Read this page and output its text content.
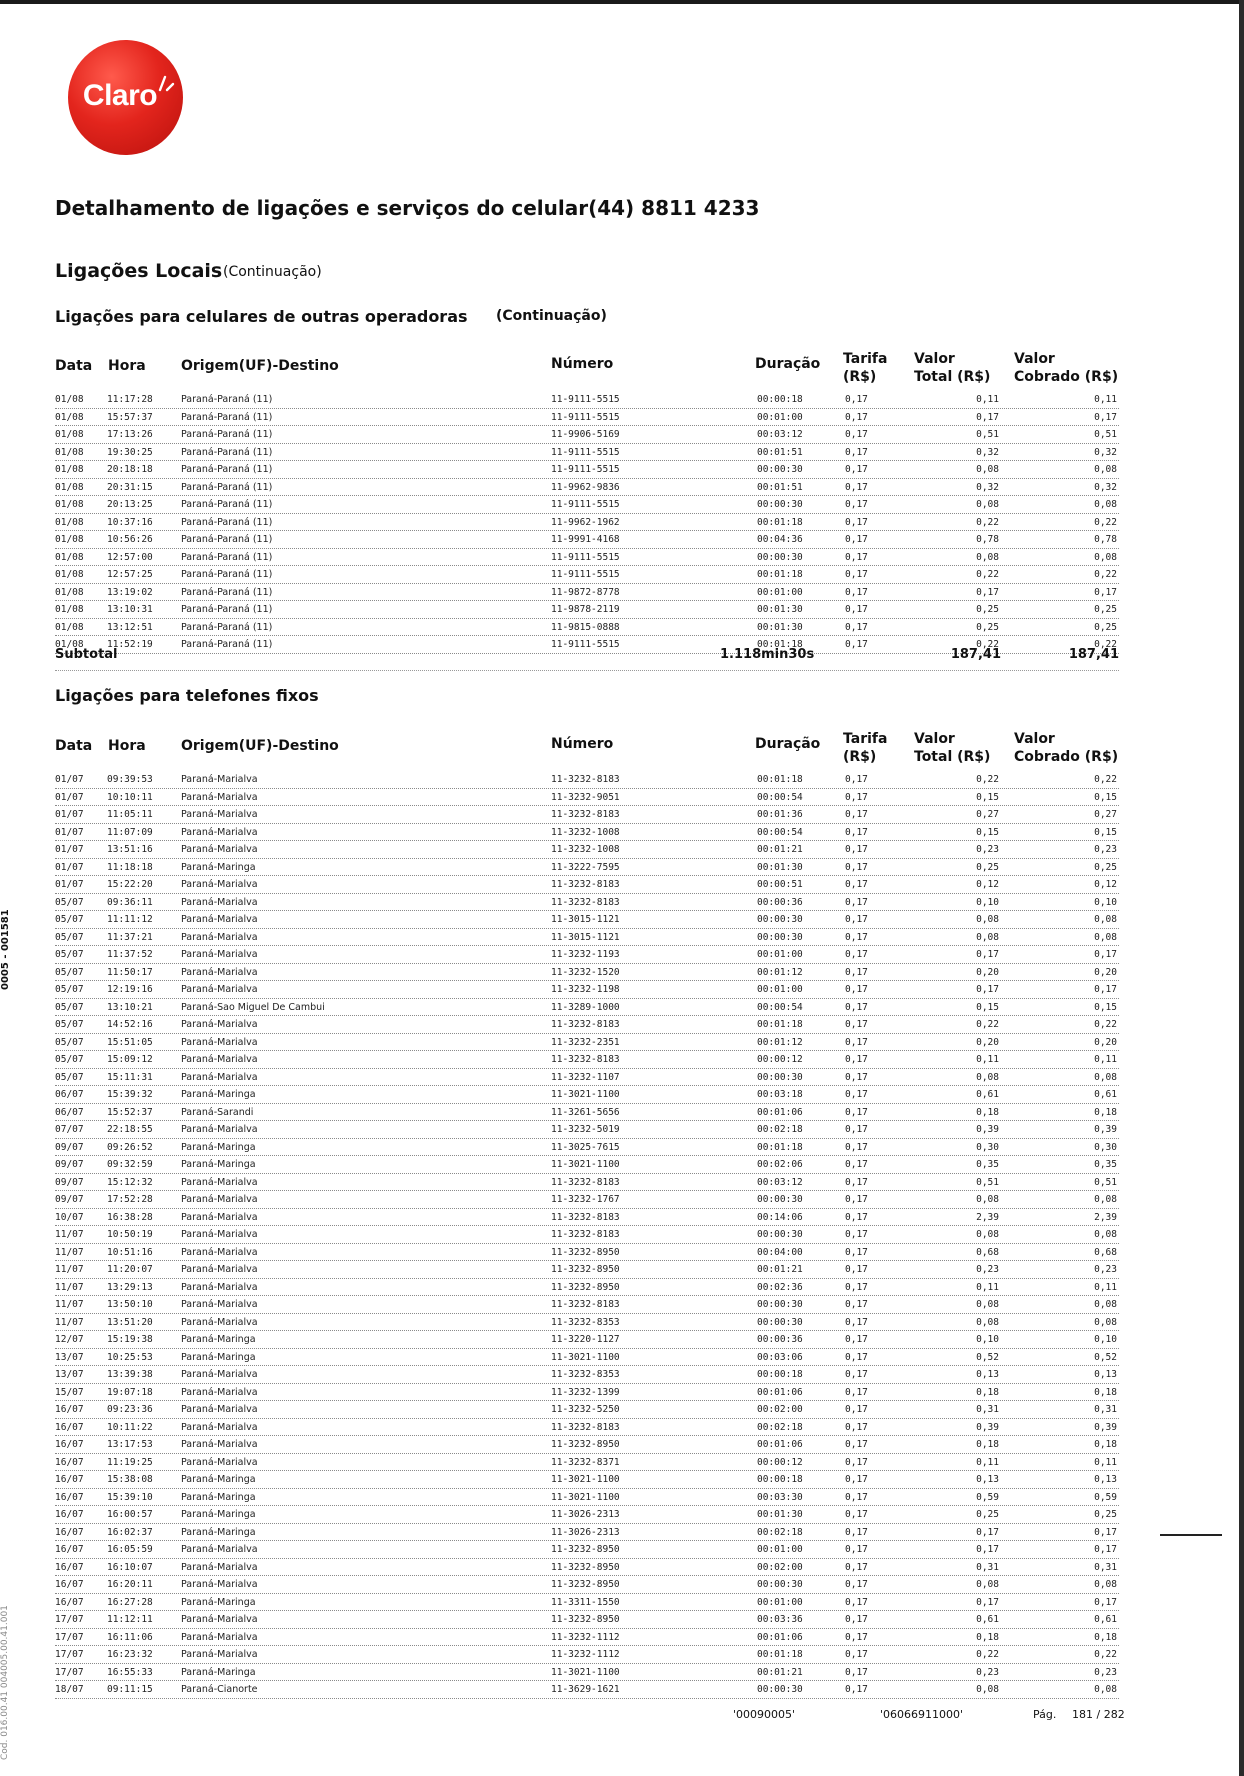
Claro
Detalhamento de ligações e serviços do celular(44) 8811 4233
Ligações Locais (Continuação)
Ligações para celulares de outras operadoras (Continuação)
Data Hora	Origem(UF)-Destino	Número	Duração Tarifa
(R$)
Valor
Total (R$)
Valor
Cobrado (R$)
01/08 11:17:28	Paraná-Paraná (11)	11-9111-5515	00:00:18	0,17	0,11	0,11
01/08 15:57:37	Paraná-Paraná (11)	11-9111-5515	00:01:00	0,17	0,17	0,17
01/08 17:13:26	Paraná-Paraná (11)	11-9906-5169	00:03:12	0,17	0,51	0,51
01/08 19:30:25	Paraná-Paraná (11)	11-9111-5515	00:01:51	0,17	0,32	0,32
01/08 20:18:18	Paraná-Paraná (11)	11-9111-5515	00:00:30	0,17	0,08	0,08
01/08 20:31:15	Paraná-Paraná (11)	11-9962-9836	00:01:51	0,17	0,32	0,32
01/08 20:13:25	Paraná-Paraná (11)	11-9111-5515	00:00:30	0,17	0,08	0,08
01/08 10:37:16	Paraná-Paraná (11)	11-9962-1962	00:01:18	0,17	0,22	0,22
01/08 10:56:26	Paraná-Paraná (11)	11-9991-4168	00:04:36	0,17	0,78	0,78
01/08 12:57:00	Paraná-Paraná (11)	11-9111-5515	00:00:30	0,17	0,08	0,08
01/08 12:57:25	Paraná-Paraná (11)	11-9111-5515	00:01:18	0,17	0,22	0,22
01/08 13:19:02	Paraná-Paraná (11)	11-9872-8778	00:01:00	0,17	0,17	0,17
01/08 13:10:31	Paraná-Paraná (11)	11-9878-2119	00:01:30	0,17	0,25	0,25
01/08 13:12:51	Paraná-Paraná (11)	11-9815-0888	00:01:30	0,17	0,25	0,25
01/08 11:52:19	Paraná-Paraná (11)	11-9111-5515	00:01:18	0,17	0,22	0,22
Subtotal	1.118min30s	187,41	187,41
Ligações para telefones fixos
Data Hora	Origem(UF)-Destino	Número	Duração Tarifa
(R$)
Valor
Total (R$)
Valor
Cobrado (R$)
01/07 09:39:53	Paraná-Marialva	11-3232-8183	00:01:18	0,17	0,22	0,22
01/07 10:10:11	Paraná-Marialva	11-3232-9051	00:00:54	0,17	0,15	0,15
01/07 11:05:11	Paraná-Marialva	11-3232-8183	00:01:36	0,17	0,27	0,27
01/07 11:07:09	Paraná-Marialva	11-3232-1008	00:00:54	0,17	0,15	0,15
01/07 13:51:16	Paraná-Marialva	11-3232-1008	00:01:21	0,17	0,23	0,23
01/07 11:18:18	Paraná-Maringa	11-3222-7595	00:01:30	0,17	0,25	0,25
01/07 15:22:20	Paraná-Marialva	11-3232-8183	00:00:51	0,17	0,12	0,12
05/07 09:36:11	Paraná-Marialva	11-3232-8183	00:00:36	0,17	0,10	0,10
05/07 11:11:12	Paraná-Marialva	11-3015-1121	00:00:30	0,17	0,08	0,08
05/07 11:37:21	Paraná-Marialva	11-3015-1121	00:00:30	0,17	0,08	0,08
05/07 11:37:52	Paraná-Marialva	11-3232-1193	00:01:00	0,17	0,17	0,17
05/07 11:50:17	Paraná-Marialva	11-3232-1520	00:01:12	0,17	0,20	0,20
05/07 12:19:16	Paraná-Marialva	11-3232-1198	00:01:00	0,17	0,17	0,17
05/07 13:10:21	Paraná-Sao Miguel De Cambui	11-3289-1000	00:00:54	0,17	0,15	0,15
05/07 14:52:16	Paraná-Marialva	11-3232-8183	00:01:18	0,17	0,22	0,22
05/07 15:51:05	Paraná-Marialva	11-3232-2351	00:01:12	0,17	0,20	0,20
05/07 15:09:12	Paraná-Marialva	11-3232-8183	00:00:12	0,17	0,11	0,11
05/07 15:11:31	Paraná-Marialva	11-3232-1107	00:00:30	0,17	0,08	0,08
06/07 15:39:32	Paraná-Maringa	11-3021-1100	00:03:18	0,17	0,61	0,61
06/07 15:52:37	Paraná-Sarandi	11-3261-5656	00:01:06	0,17	0,18	0,18
07/07 22:18:55	Paraná-Marialva	11-3232-5019	00:02:18	0,17	0,39	0,39
09/07 09:26:52	Paraná-Maringa	11-3025-7615	00:01:18	0,17	0,30	0,30
09/07 09:32:59	Paraná-Maringa	11-3021-1100	00:02:06	0,17	0,35	0,35
09/07 15:12:32	Paraná-Marialva	11-3232-8183	00:03:12	0,17	0,51	0,51
09/07 17:52:28	Paraná-Marialva	11-3232-1767	00:00:30	0,17	0,08	0,08
10/07 16:38:28	Paraná-Marialva	11-3232-8183	00:14:06	0,17	2,39	2,39
11/07 10:50:19	Paraná-Marialva	11-3232-8183	00:00:30	0,17	0,08	0,08
11/07 10:51:16	Paraná-Marialva	11-3232-8950	00:04:00	0,17	0,68	0,68
11/07 11:20:07	Paraná-Marialva	11-3232-8950	00:01:21	0,17	0,23	0,23
11/07 13:29:13	Paraná-Marialva	11-3232-8950	00:02:36	0,17	0,11	0,11
11/07 13:50:10	Paraná-Marialva	11-3232-8183	00:00:30	0,17	0,08	0,08
11/07 13:51:20	Paraná-Marialva	11-3232-8353	00:00:30	0,17	0,08	0,08
12/07 15:19:38	Paraná-Maringa	11-3220-1127	00:00:36	0,17	0,10	0,10
13/07 10:25:53	Paraná-Maringa	11-3021-1100	00:03:06	0,17	0,52	0,52
13/07 13:39:38	Paraná-Marialva	11-3232-8353	00:00:18	0,17	0,13	0,13
15/07 19:07:18	Paraná-Marialva	11-3232-1399	00:01:06	0,17	0,18	0,18
16/07 09:23:36	Paraná-Marialva	11-3232-5250	00:02:00	0,17	0,31	0,31
16/07 10:11:22	Paraná-Marialva	11-3232-8183	00:02:18	0,17	0,39	0,39
16/07 13:17:53	Paraná-Marialva	11-3232-8950	00:01:06	0,17	0,18	0,18
16/07 11:19:25	Paraná-Marialva	11-3232-8371	00:00:12	0,17	0,11	0,11
16/07 15:38:08	Paraná-Maringa	11-3021-1100	00:00:18	0,17	0,13	0,13
16/07 15:39:10	Paraná-Maringa	11-3021-1100	00:03:30	0,17	0,59	0,59
16/07 16:00:57	Paraná-Maringa	11-3026-2313	00:01:30	0,17	0,25	0,25
16/07 16:02:37	Paraná-Maringa	11-3026-2313	00:02:18	0,17	0,17	0,17
16/07 16:05:59	Paraná-Marialva	11-3232-8950	00:01:00	0,17	0,17	0,17
16/07 16:10:07	Paraná-Marialva	11-3232-8950	00:02:00	0,17	0,31	0,31
16/07 16:20:11	Paraná-Marialva	11-3232-8950	00:00:30	0,17	0,08	0,08
16/07 16:27:28	Paraná-Maringa	11-3311-1550	00:01:00	0,17	0,17	0,17
17/07 11:12:11	Paraná-Marialva	11-3232-8950	00:03:36	0,17	0,61	0,61
17/07 16:11:06	Paraná-Marialva	11-3232-1112	00:01:06	0,17	0,18	0,18
17/07 16:23:32	Paraná-Marialva	11-3232-1112	00:01:18	0,17	0,22	0,22
17/07 16:55:33	Paraná-Maringa	11-3021-1100	00:01:21	0,17	0,23	0,23
18/07 09:11:15	Paraná-Cianorte	11-3629-1621	00:00:30	0,17	0,08	0,08
0005 - 001581
Cod. 016.00.41 004005.00.41.001	'00090005'	'06066911000'	Pág. 181 / 282
